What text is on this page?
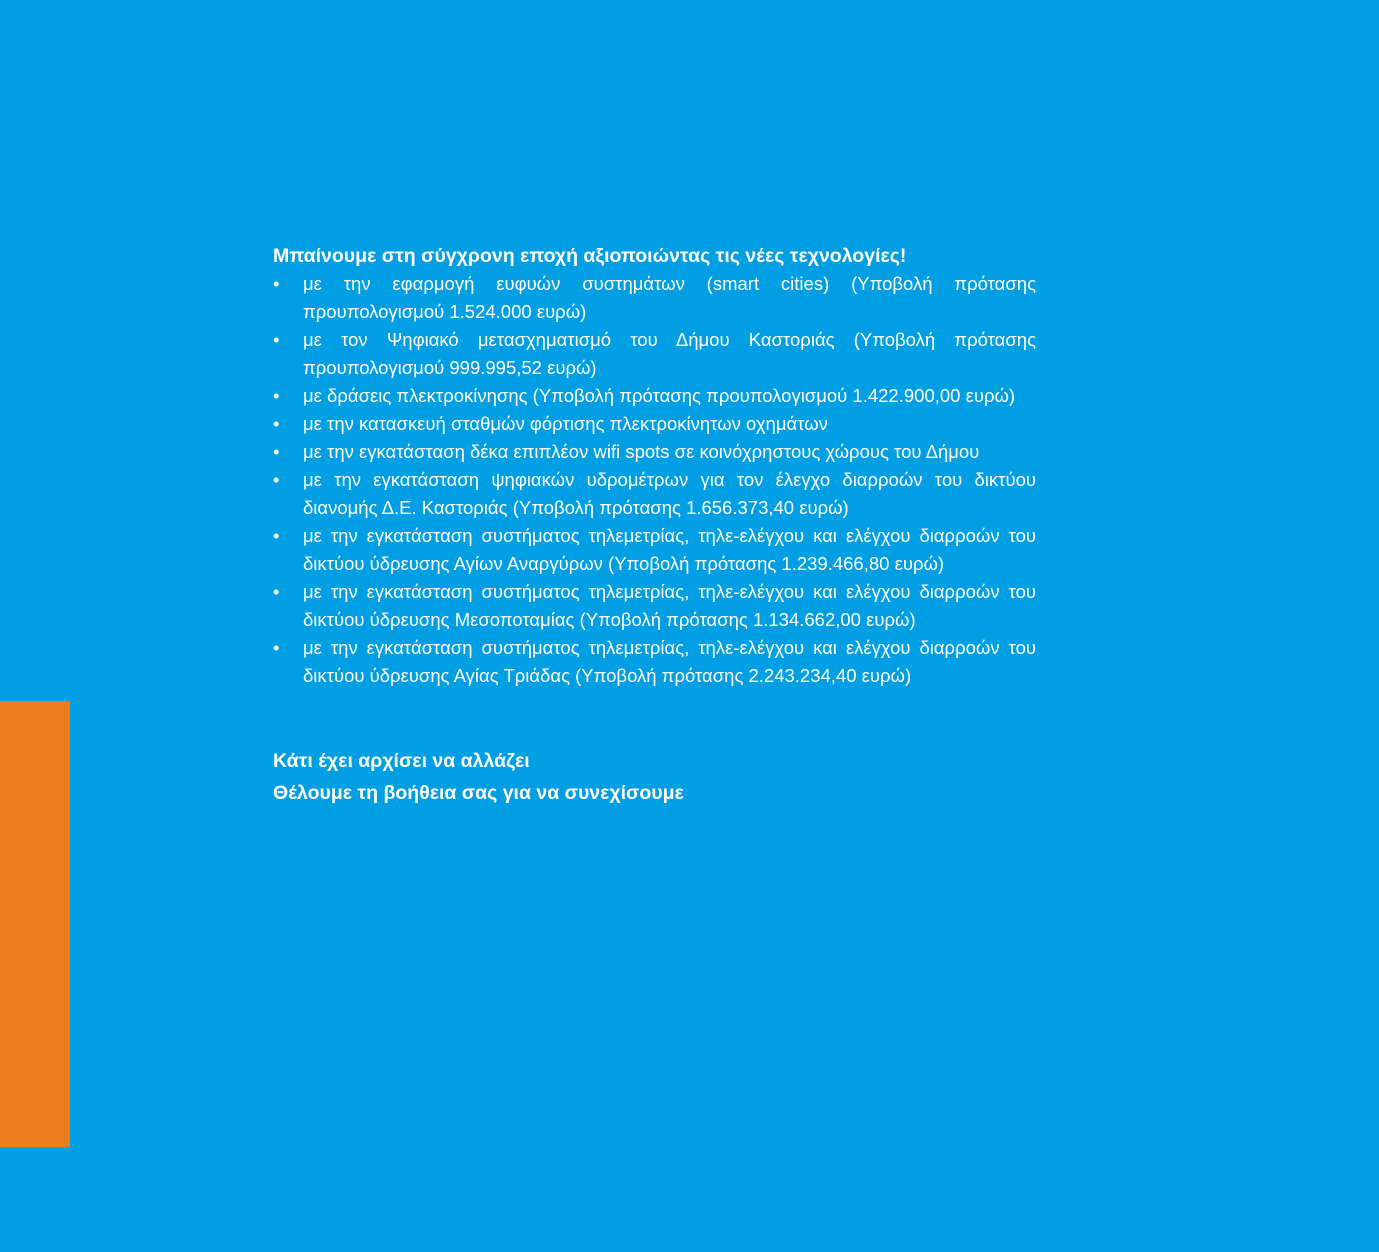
Μπαίνουμε στη σύγχρονη εποχή αξιοποιώντας τις νέες τεχνολογίες!

•	με την εφαρμογή ευφυών συστημάτων (smart cities) (Υποβολή πρότασης προυπολογισμού 1.524.000 ευρώ)
•	με τον Ψηφιακό μετασχηματισμό του Δήμου Καστοριάς (Υποβολή πρότασης προυπολογισμού 999.995,52 ευρώ)
•	με δράσεις πλεκτροκίνησης (Υποβολή πρότασης προυπολογισμού 1.422.900,00 ευρώ)
•	με την κατασκευή σταθμών φόρτισης πλεκτροκίνητων οχημάτων
•	με την εγκατάσταση δέκα επιπλέον wifi spots σε κοινόχρηστους χώρους του Δήμου
•	με την εγκατάσταση ψηφιακών υδρομέτρων για τον έλεγχο διαρροών του δικτύου διανομής Δ.Ε. Καστοριάς (Υποβολή πρότασης 1.656.373,40 ευρώ)
•	με την εγκατάσταση συστήματος τηλεμετρίας, τηλε-ελέγχου και ελέγχου διαρροών του δικτύου ύδρευσης Αγίων Αναργύρων (Υποβολή πρότασης 1.239.466,80 ευρώ)
•	με την εγκατάσταση συστήματος τηλεμετρίας, τηλε-ελέγχου και ελέγχου διαρροών του δικτύου ύδρευσης Μεσοποταμίας (Υποβολή πρότασης 1.134.662,00 ευρώ)
•	με την εγκατάσταση συστήματος τηλεμετρίας, τηλε-ελέγχου και ελέγχου διαρροών του δικτύου ύδρευσης Αγίας Τριάδας (Υποβολή πρότασης 2.243.234,40 ευρώ)
Κάτι έχει αρχίσει να αλλάζει
Θέλουμε τη βοήθεια σας για να συνεχίσουμε
